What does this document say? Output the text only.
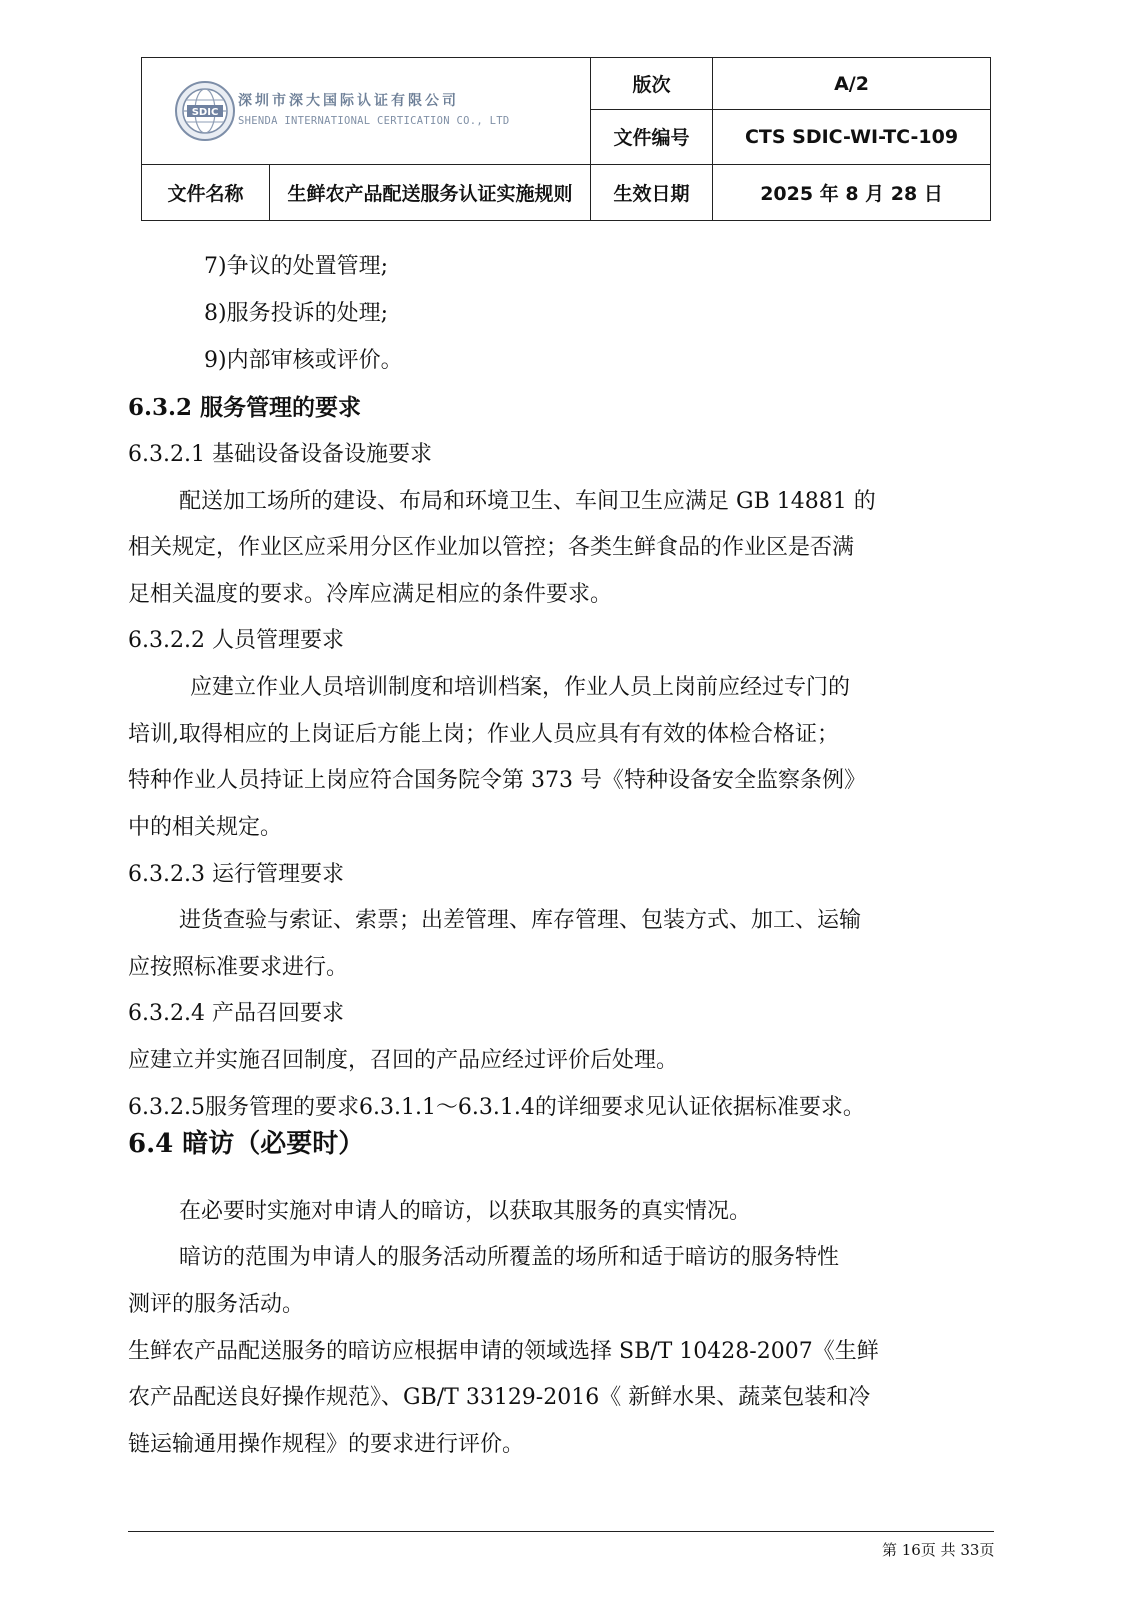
SDIC
深圳市深大国际认证有限公司
SHENDA INTERNATIONAL CERTICATION CO., LTD		版次	A/2
		文件编号	CTS SDIC-WI-TC-109
文件名称	生鲜农产品配送服务认证实施规则	生效日期	2025 年 8 月 28 日
7)争议的处置管理;
8)服务投诉的处理;
9)内部审核或评价。
6.3.2 服务管理的要求
6.3.2.1 基础设备设备设施要求
配送加工场所的建设、布局和环境卫生、车间卫生应满足 GB 14881 的
相关规定，作业区应采用分区作业加以管控；各类生鲜食品的作业区是否满
足相关温度的要求。冷库应满足相应的条件要求。
6.3.2.2 人员管理要求
应建立作业人员培训制度和培训档案，作业人员上岗前应经过专门的
培训,取得相应的上岗证后方能上岗；作业人员应具有有效的体检合格证；
特种作业人员持证上岗应符合国务院令第 373 号《特种设备安全监察条例》
中的相关规定。
6.3.2.3 运行管理要求
进货查验与索证、索票；出差管理、库存管理、包装方式、加工、运输
应按照标准要求进行。
6.3.2.4 产品召回要求
应建立并实施召回制度，召回的产品应经过评价后处理。
6.3.2.5服务管理的要求6.3.1.1～6.3.1.4的详细要求见认证依据标准要求。
6.4 暗访（必要时）
在必要时实施对申请人的暗访，以获取其服务的真实情况。
暗访的范围为申请人的服务活动所覆盖的场所和适于暗访的服务特性
测评的服务活动。
生鲜农产品配送服务的暗访应根据申请的领域选择 SB/T 10428-2007《生鲜
农产品配送良好操作规范》、GB/T 33129-2016《 新鲜水果、蔬菜包装和冷
链运输通用操作规程》的要求进行评价。
第 16页 共 33页
